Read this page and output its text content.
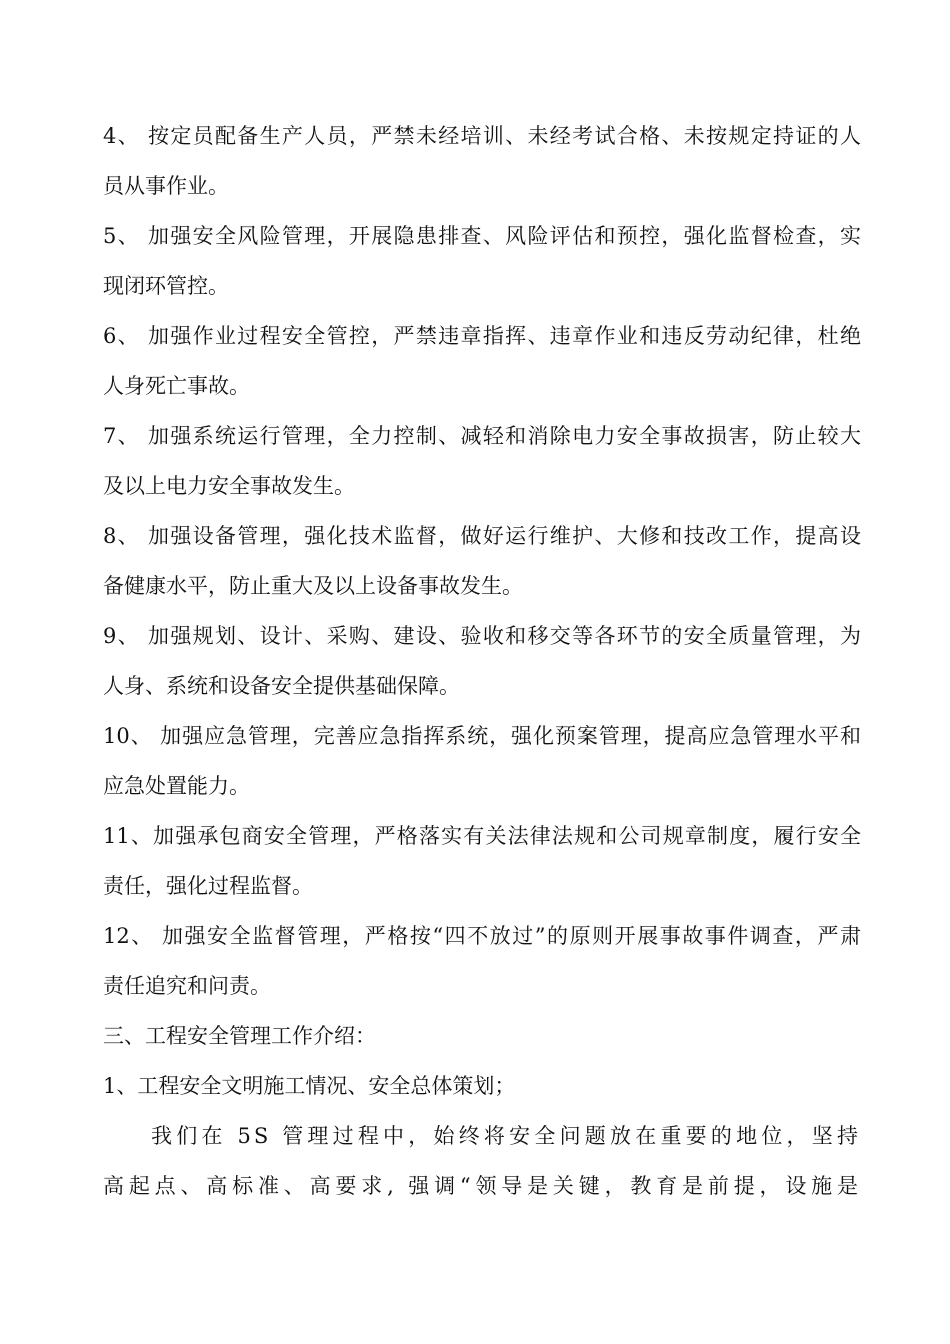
4、 按定员配备生产人员，严禁未经培训、未经考试合格、未按规定持证的人
员从事作业。
5、 加强安全风险管理，开展隐患排查、风险评估和预控，强化监督检查，实
现闭环管控。
6、 加强作业过程安全管控，严禁违章指挥、违章作业和违反劳动纪律，杜绝
人身死亡事故。
7、 加强系统运行管理，全力控制、减轻和消除电力安全事故损害，防止较大
及以上电力安全事故发生。
8、 加强设备管理，强化技术监督，做好运行维护、大修和技改工作，提高设
备健康水平，防止重大及以上设备事故发生。
9、 加强规划、设计、采购、建设、验收和移交等各环节的安全质量管理，为
人身、系统和设备安全提供基础保障。
10、 加强应急管理，完善应急指挥系统，强化预案管理，提高应急管理水平和
应急处置能力。
11、加强承包商安全管理，严格落实有关法律法规和公司规章制度，履行安全
责任，强化过程监督。
12、 加强安全监督管理，严格按“四不放过”的原则开展事故事件调查，严肃
责任追究和问责。
三、工程安全管理工作介绍：
1、工程安全文明施工情况、安全总体策划；
我们在 5S 管理过程中，始终将安全问题放在重要的地位，坚持
高起点、高标准、高要求, 强调“领导是关键，教育是前提，设施是
